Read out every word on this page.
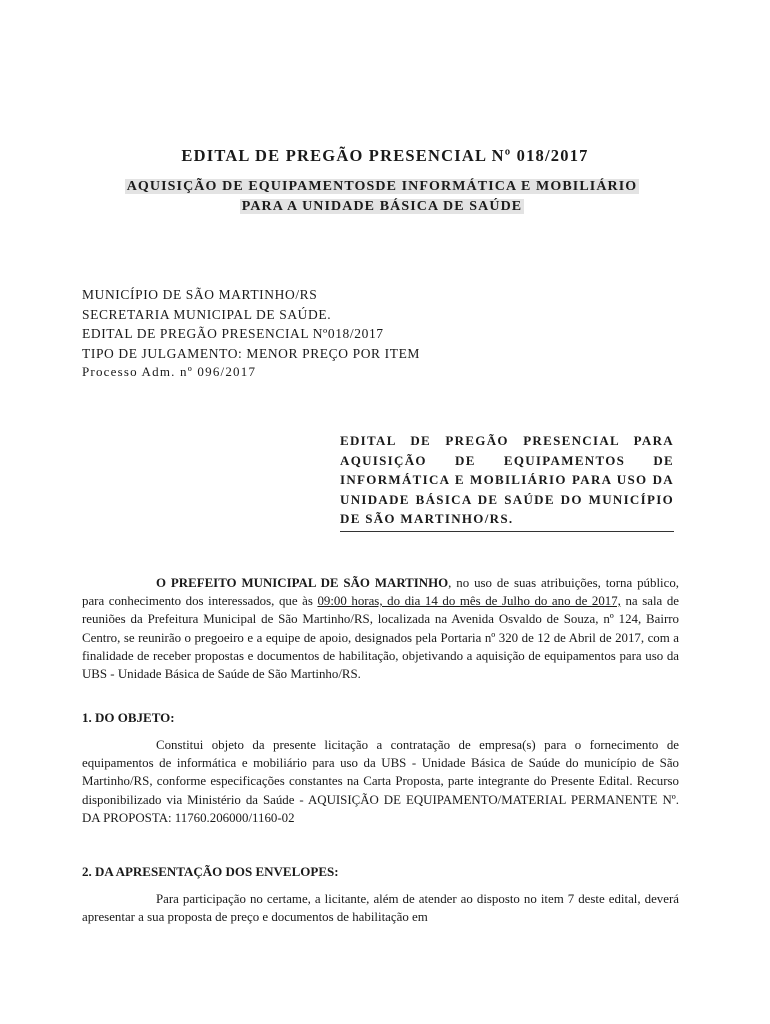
EDITAL DE PREGÃO PRESENCIAL Nº 018/2017
AQUISIÇÃO DE EQUIPAMENTOSDE INFORMÁTICA E MOBILIÁRIO
PARA A UNIDADE BÁSICA DE SAÚDE
MUNICÍPIO DE SÃO MARTINHO/RS
SECRETARIA MUNICIPAL DE SAÚDE.
EDITAL DE PREGÃO PRESENCIAL Nº018/2017
TIPO DE JULGAMENTO: MENOR PREÇO POR ITEM
Processo Adm. nº 096/2017
EDITAL DE PREGÃO PRESENCIAL PARA AQUISIÇÃO DE EQUIPAMENTOS DE INFORMÁTICA E MOBILIÁRIO PARA USO DA UNIDADE BÁSICA DE SAÚDE DO MUNICÍPIO DE SÃO MARTINHO/RS.
O PREFEITO MUNICIPAL DE SÃO MARTINHO, no uso de suas atribuições, torna público, para conhecimento dos interessados, que às 09:00 horas, do dia 14 do mês de Julho do ano de 2017, na sala de reuniões da Prefeitura Municipal de São Martinho/RS, localizada na Avenida Osvaldo de Souza, nº 124, Bairro Centro, se reunirão o pregoeiro e a equipe de apoio, designados pela Portaria nº 320 de 12 de Abril de 2017, com a finalidade de receber propostas e documentos de habilitação, objetivando a aquisição de equipamentos para uso da UBS - Unidade Básica de Saúde de São Martinho/RS.
1. DO OBJETO:
Constitui objeto da presente licitação a contratação de empresa(s) para o fornecimento de equipamentos de informática e mobiliário para uso da UBS - Unidade Básica de Saúde do município de São Martinho/RS, conforme especificações constantes na Carta Proposta, parte integrante do Presente Edital. Recurso disponibilizado via Ministério da Saúde - AQUISIÇÃO DE EQUIPAMENTO/MATERIAL PERMANENTE Nº. DA PROPOSTA: 11760.206000/1160-02
2. DA APRESENTAÇÃO DOS ENVELOPES:
Para participação no certame, a licitante, além de atender ao disposto no item 7 deste edital, deverá apresentar a sua proposta de preço e documentos de habilitação em
